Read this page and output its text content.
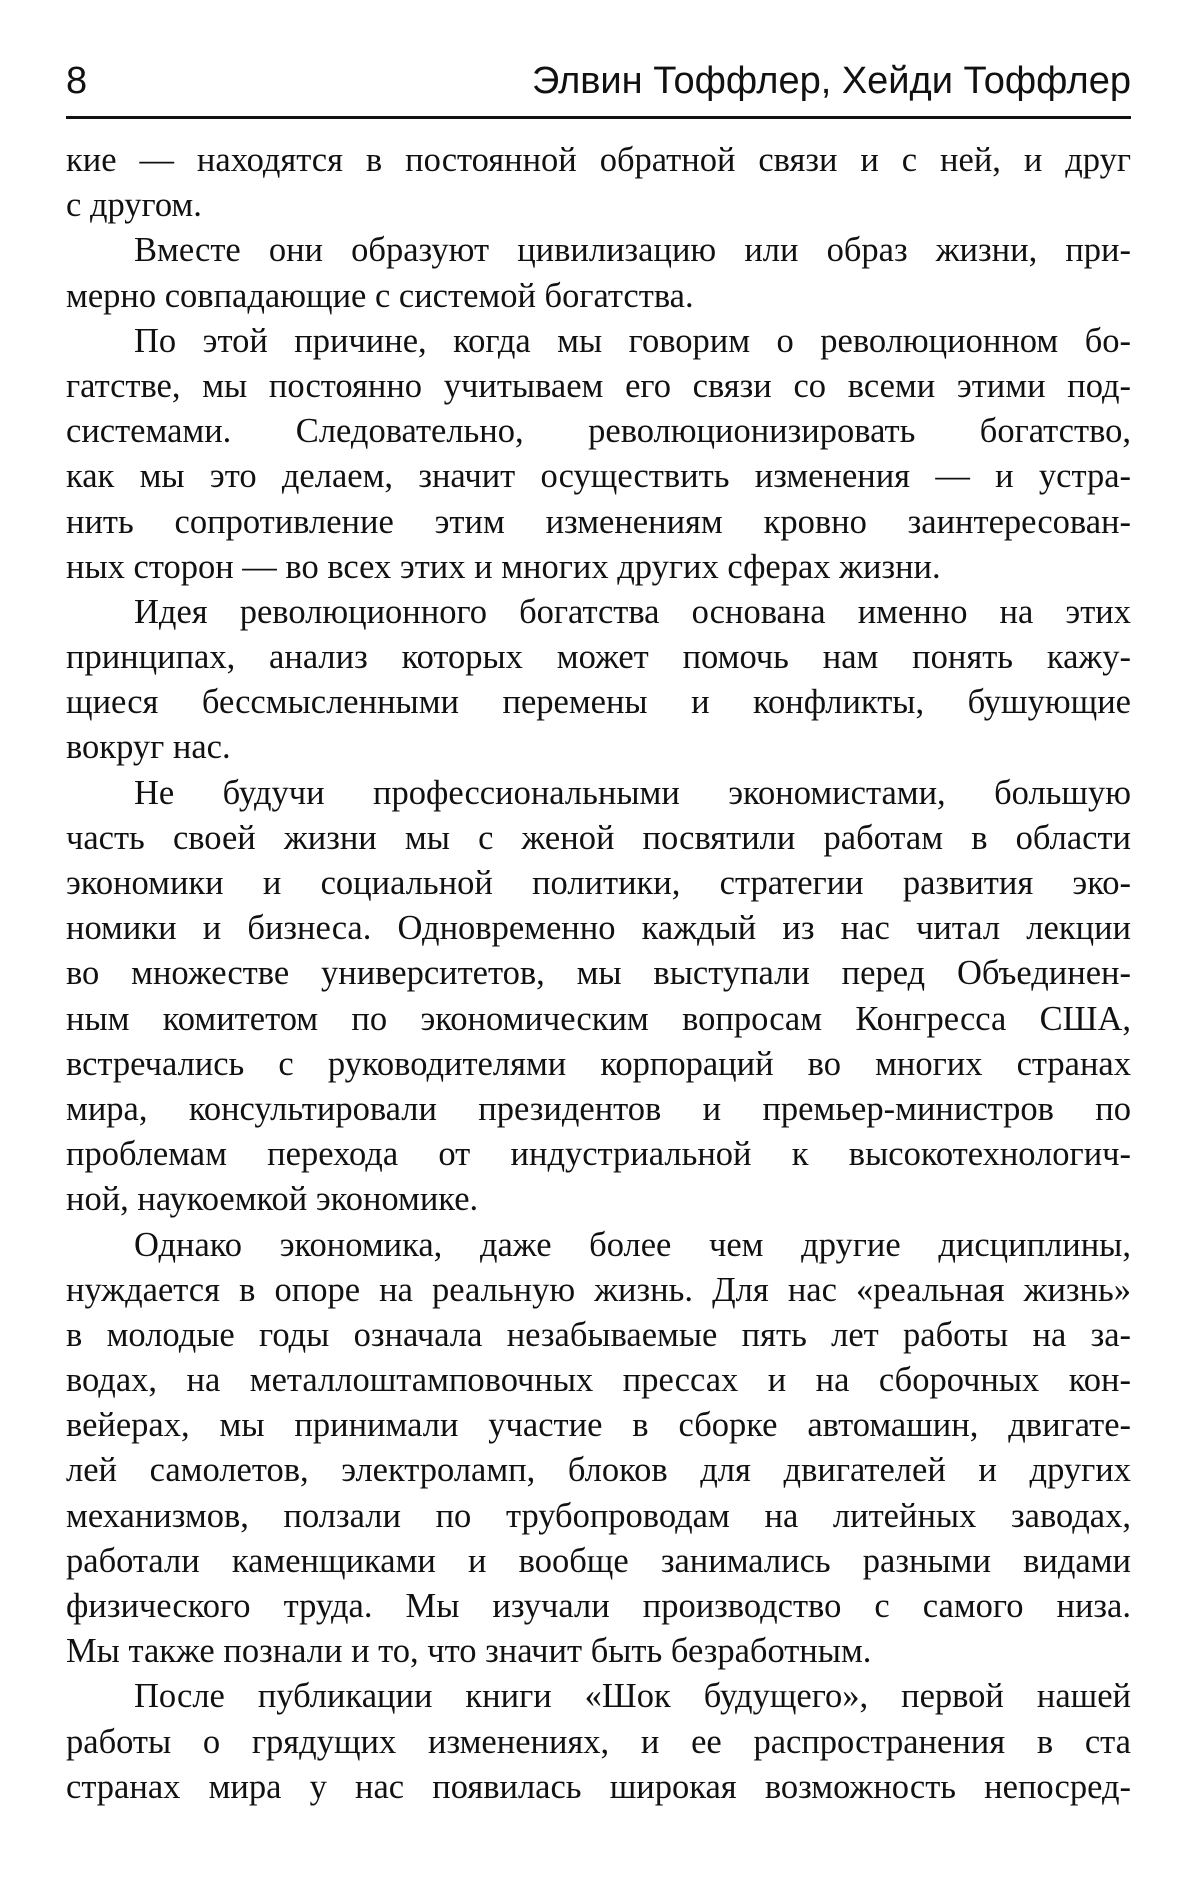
8	Элвин Тоффлер, Хейди Тоффлер
кие — находятся в постоянной обратной связи и с ней, и друг
с другом.
Вместе они образуют цивилизацию или образ жизни, при-
мерно совпадающие с системой богатства.
По этой причине, когда мы говорим о революционном бо-
гатстве, мы постоянно учитываем его связи со всеми этими под-
системами. Следовательно, революционизировать богатство,
как мы это делаем, значит осуществить изменения — и устра-
нить сопротивление этим изменениям кровно заинтересован-
ных сторон — во всех этих и многих других сферах жизни.
Идея революционного богатства основана именно на этих
принципах, анализ которых может помочь нам понять кажу-
щиеся бессмысленными перемены и конфликты, бушующие
вокруг нас.
Не будучи профессиональными экономистами, большую
часть своей жизни мы с женой посвятили работам в области
экономики и социальной политики, стратегии развития эко-
номики и бизнеса. Одновременно каждый из нас читал лекции
во множестве университетов, мы выступали перед Объединен-
ным комитетом по экономическим вопросам Конгресса США,
встречались с руководителями корпораций во многих странах
мира, консультировали президентов и премьер-министров по
проблемам перехода от индустриальной к высокотехнологич-
ной, наукоемкой экономике.
Однако экономика, даже более чем другие дисциплины,
нуждается в опоре на реальную жизнь. Для нас «реальная жизнь»
в молодые годы означала незабываемые пять лет работы на за-
водах, на металлоштамповочных прессах и на сборочных кон-
вейерах, мы принимали участие в сборке автомашин, двигате-
лей самолетов, электроламп, блоков для двигателей и других
механизмов, ползали по трубопроводам на литейных заводах,
работали каменщиками и вообще занимались разными видами
физического труда. Мы изучали производство с самого низа.
Мы также познали и то, что значит быть безработным.
После публикации книги «Шок будущего», первой нашей
работы о грядущих изменениях, и ее распространения в ста
странах мира у нас появилась широкая возможность непосред-
